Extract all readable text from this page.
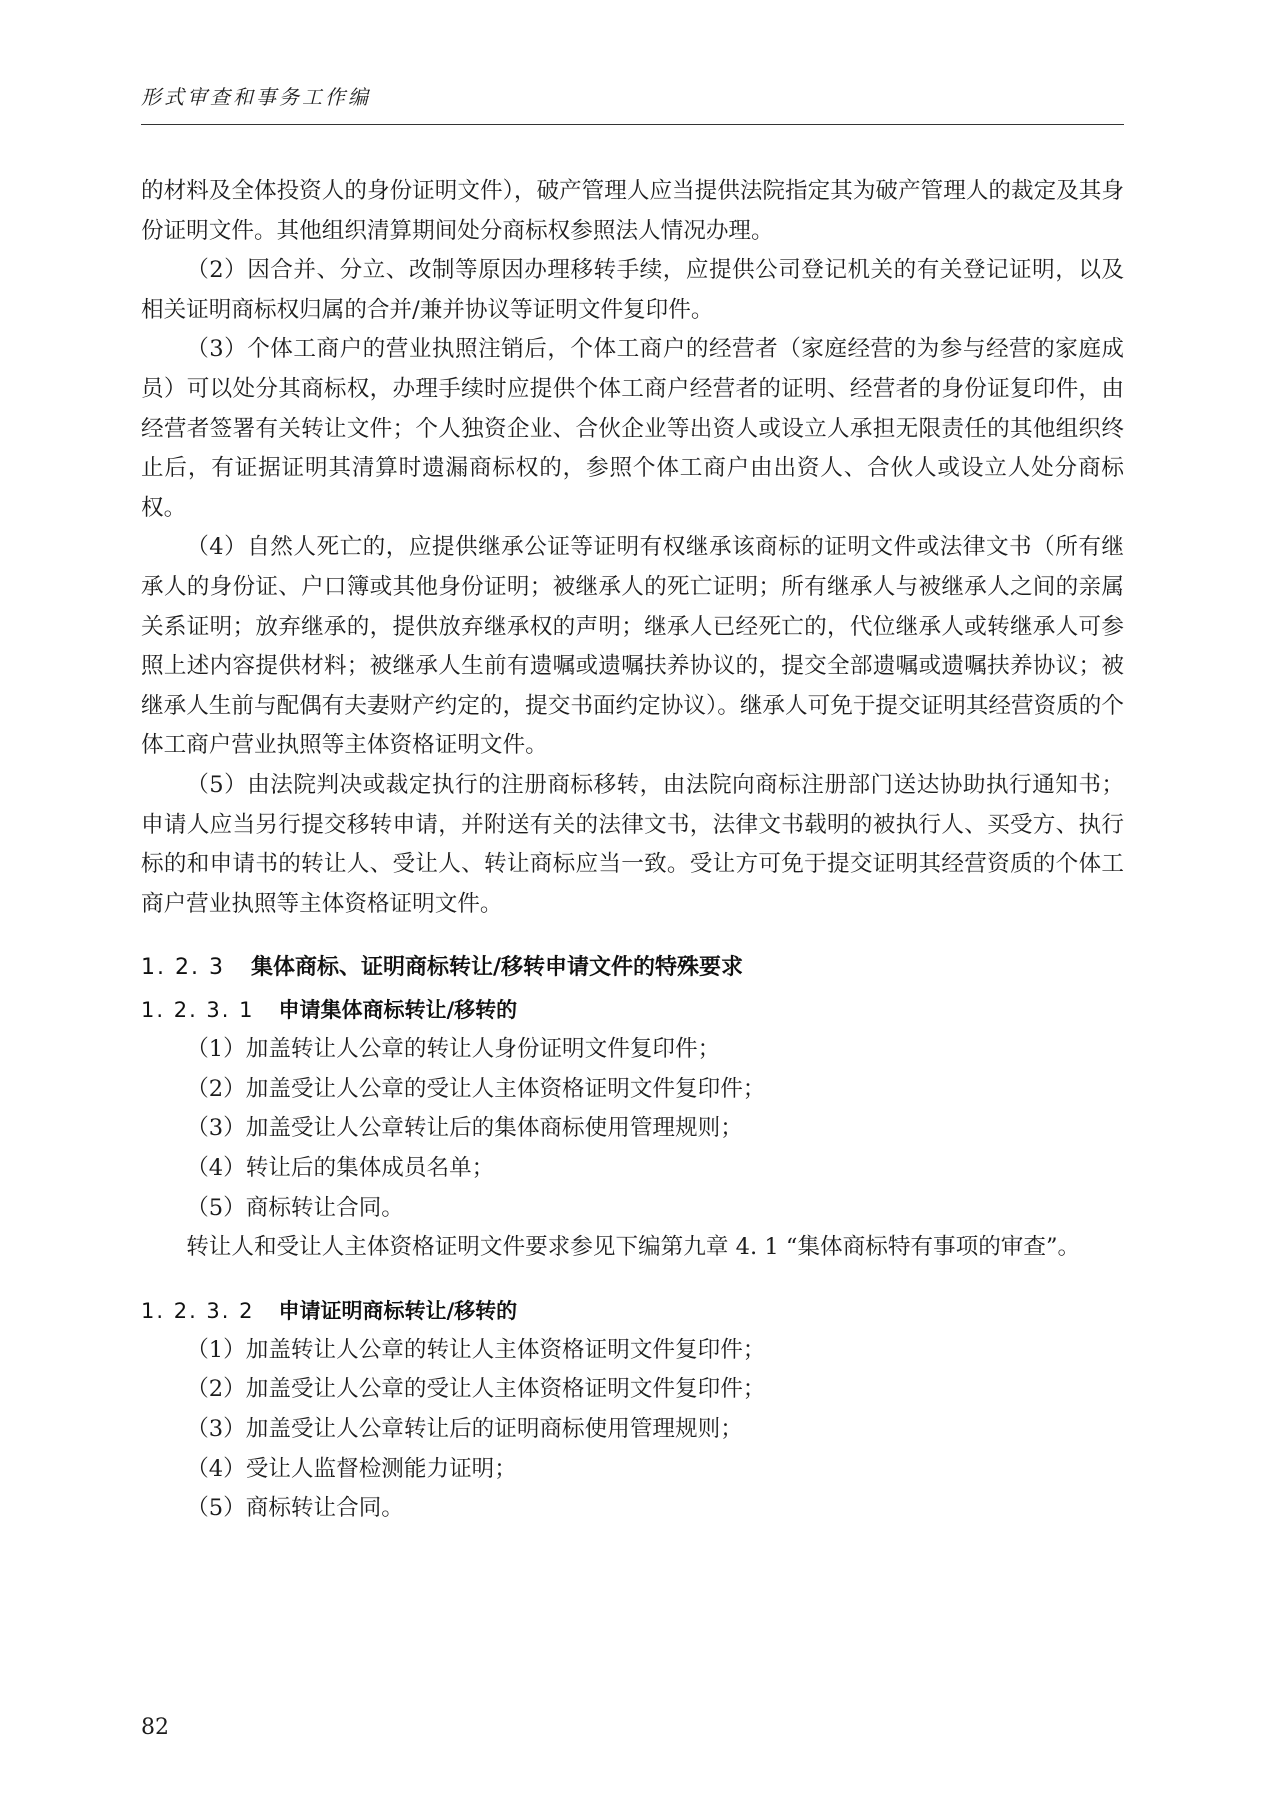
形式审查和事务工作编

的材料及全体投资人的身份证明文件），破产管理人应当提供法院指定其为破产管理人的裁定及其身份证明文件。其他组织清算期间处分商标权参照法人情况办理。

（2）因合并、分立、改制等原因办理移转手续，应提供公司登记机关的有关登记证明，以及相关证明商标权归属的合并/兼并协议等证明文件复印件。

（3）个体工商户的营业执照注销后，个体工商户的经营者（家庭经营的为参与经营的家庭成员）可以处分其商标权，办理手续时应提供个体工商户经营者的证明、经营者的身份证复印件，由经营者签署有关转让文件；个人独资企业、合伙企业等出资人或设立人承担无限责任的其他组织终止后，有证据证明其清算时遗漏商标权的，参照个体工商户由出资人、合伙人或设立人处分商标权。

（4）自然人死亡的，应提供继承公证等证明有权继承该商标的证明文件或法律文书（所有继承人的身份证、户口簿或其他身份证明；被继承人的死亡证明；所有继承人与被继承人之间的亲属关系证明；放弃继承的，提供放弃继承权的声明；继承人已经死亡的，代位继承人或转继承人可参照上述内容提供材料；被继承人生前有遗嘱或遗嘱扶养协议的，提交全部遗嘱或遗嘱扶养协议；被继承人生前与配偶有夫妻财产约定的，提交书面约定协议）。继承人可免于提交证明其经营资质的个体工商户营业执照等主体资格证明文件。

（5）由法院判决或裁定执行的注册商标移转，由法院向商标注册部门送达协助执行通知书；申请人应当另行提交移转申请，并附送有关的法律文书，法律文书载明的被执行人、买受方、执行标的和申请书的转让人、受让人、转让商标应当一致。受让方可免于提交证明其经营资质的个体工商户营业执照等主体资格证明文件。

1. 2. 3 集体商标、证明商标转让/移转申请文件的特殊要求
1. 2. 3. 1 申请集体商标转让/移转的
（1）加盖转让人公章的转让人身份证明文件复印件；
（2）加盖受让人公章的受让人主体资格证明文件复印件；
（3）加盖受让人公章转让后的集体商标使用管理规则；
（4）转让后的集体成员名单；
（5）商标转让合同。

转让人和受让人主体资格证明文件要求参见下编第九章 4. 1 “集体商标特有事项的审查”。

1. 2. 3. 2 申请证明商标转让/移转的
（1）加盖转让人公章的转让人主体资格证明文件复印件；
（2）加盖受让人公章的受让人主体资格证明文件复印件；
（3）加盖受让人公章转让后的证明商标使用管理规则；
（4）受让人监督检测能力证明；
（5）商标转让合同。
82
